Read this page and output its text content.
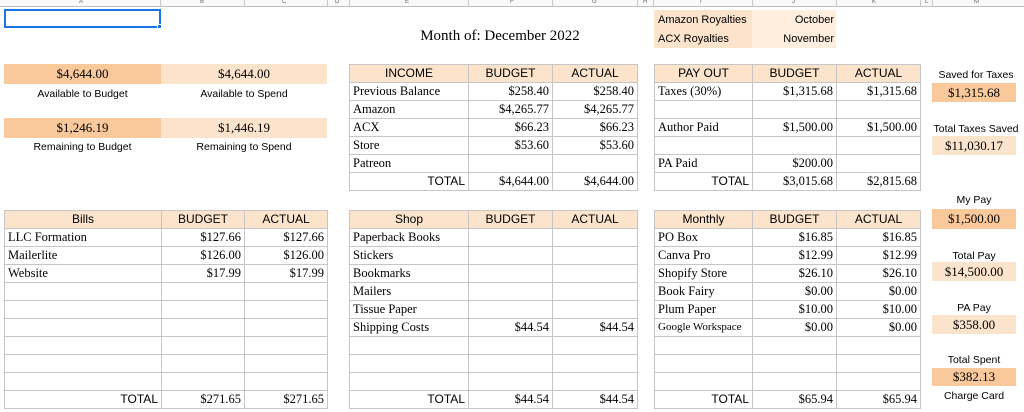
A	B	C	D	E	F	G	H	I	J	K	L	M
Month of: December 2022
Amazon Royalties	October
ACX Royalties	November
$4,644.00
Available to Budget
$4,644.00
Available to Spend
$1,246.19
Remaining to Budget
$1,446.19
Remaining to Spend
INCOME	BUDGET	ACTUAL
Previous Balance	$258.40	$258.40
Amazon	$4,265.77	$4,265.77
ACX	$66.23	$66.23
Store	$53.60	$53.60
Patreon		
TOTAL	$4,644.00	$4,644.00
PAY OUT	BUDGET	ACTUAL
Taxes (30%)	$1,315.68	$1,315.68

Author Paid	$1,500.00	$1,500.00

PA Paid	$200.00	
TOTAL	$3,015.68	$2,815.68
Bills	BUDGET	ACTUAL
LLC Formation	$127.66	$127.66
Mailerlite	$126.00	$126.00
Website	$17.99	$17.99

TOTAL	$271.65	$271.65
Shop	BUDGET	ACTUAL
Paperback Books		
Stickers		
Bookmarks		
Mailers		
Tissue Paper		
Shipping Costs	$44.54	$44.54

TOTAL	$44.54	$44.54
Monthly	BUDGET	ACTUAL
PO Box	$16.85	$16.85
Canva Pro	$12.99	$12.99
Shopify Store	$26.10	$26.10
Book Fairy	$0.00	$0.00
Plum Paper	$10.00	$10.00
Google Workspace	$0.00	$0.00

TOTAL	$65.94	$65.94
Saved for Taxes
$1,315.68
Total Taxes Saved
$11,030.17
My Pay
$1,500.00
Total Pay
$14,500.00
PA Pay
$358.00
Total Spent
$382.13
Charge Card
